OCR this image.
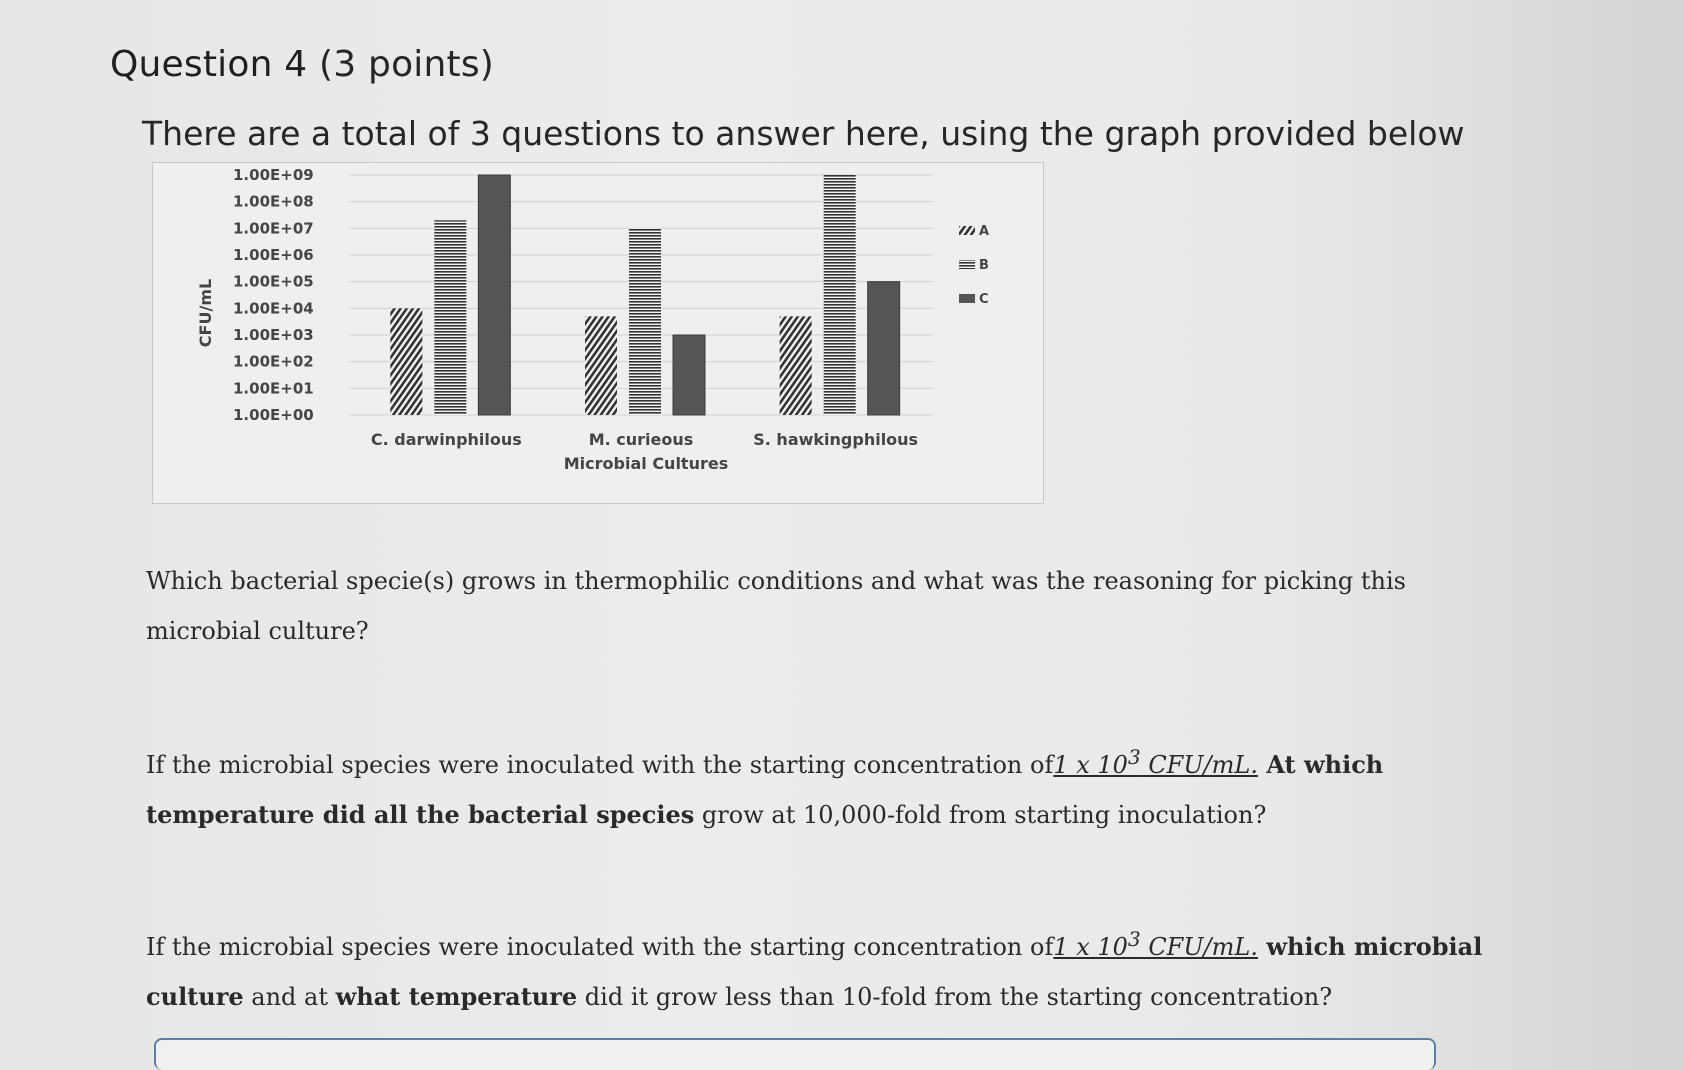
Question 4 (3 points)
There are a total of 3 questions to answer here, using the graph provided below
1.00E+00
1.00E+01
1.00E+02
1.00E+03
1.00E+04
1.00E+05
1.00E+06
1.00E+07
1.00E+08
1.00E+09
C. darwinphilous	M. curieous	S. hawkingphilous
A
B
C
CFU/mL
Microbial Cultures
Which bacterial specie(s) grows in thermophilic conditions and what was the reasoning for picking this microbial culture?
If the microbial species were inoculated with the starting concentration of1 x $10^3$ CFU/mL. At which temperature did all the bacterial species grow at 10,000-fold from starting inoculation?
If the microbial species were inoculated with the starting concentration of1 x $10^3$ CFU/mL. which microbial culture and at what temperature did it grow less than 10-fold from the starting concentration?
